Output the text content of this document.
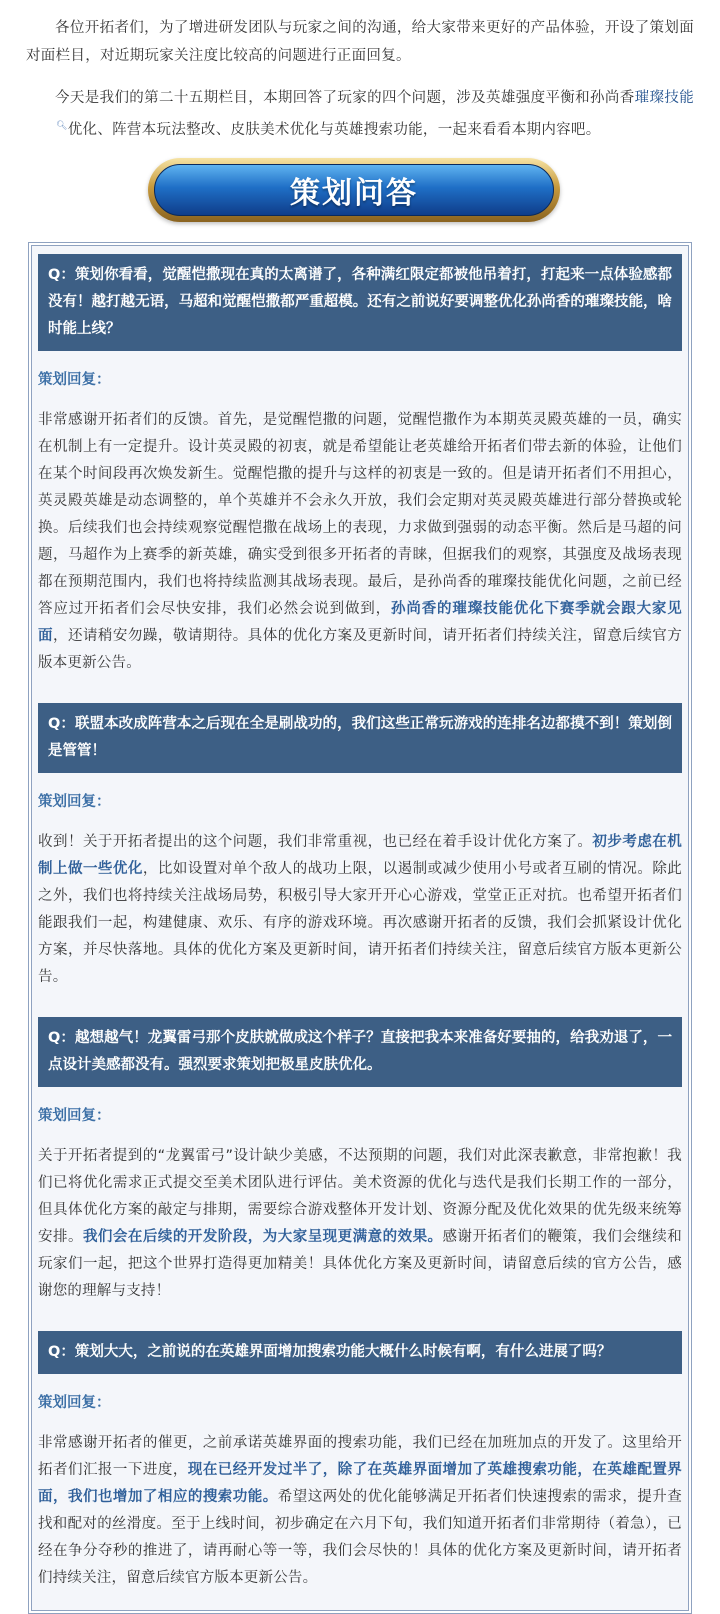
各位开拓者们，为了增进研发团队与玩家之间的沟通，给大家带来更好的产品体验，开设了策划面对面栏目，对近期玩家关注度比较高的问题进行正面回复。

今天是我们的第二十五期栏目，本期回答了玩家的四个问题，涉及英雄强度平衡和孙尚香璀璨技能🔍︎优化、阵营本玩法整改、皮肤美术优化与英雄搜索功能，一起来看看本期内容吧。

策划问答
Q：策划你看看，觉醒恺撒现在真的太离谱了，各种满红限定都被他吊着打，打起来一点体验感都没有！越打越无语，马超和觉醒恺撒都严重超模。还有之前说好要调整优化孙尚香的璀璨技能，啥时能上线？
策划回复：
非常感谢开拓者们的反馈。首先，是觉醒恺撒的问题，觉醒恺撒作为本期英灵殿英雄的一员，确实在机制上有一定提升。设计英灵殿的初衷，就是希望能让老英雄给开拓者们带去新的体验，让他们在某个时间段再次焕发新生。觉醒恺撒的提升与这样的初衷是一致的。但是请开拓者们不用担心，英灵殿英雄是动态调整的，单个英雄并不会永久开放，我们会定期对英灵殿英雄进行部分替换或轮换。后续我们也会持续观察觉醒恺撒在战场上的表现，力求做到强弱的动态平衡。然后是马超的问题，马超作为上赛季的新英雄，确实受到很多开拓者的青睐，但据我们的观察，其强度及战场表现都在预期范围内，我们也将持续监测其战场表现。最后，是孙尚香的璀璨技能优化问题，之前已经答应过开拓者们会尽快安排，我们必然会说到做到，孙尚香的璀璨技能优化下赛季就会跟大家见面，还请稍安勿躁，敬请期待。具体的优化方案及更新时间，请开拓者们持续关注，留意后续官方版本更新公告。
Q：联盟本改成阵营本之后现在全是刷战功的，我们这些正常玩游戏的连排名边都摸不到！策划倒是管管！
策划回复：
收到！关于开拓者提出的这个问题，我们非常重视，也已经在着手设计优化方案了。初步考虑在机制上做一些优化，比如设置对单个敌人的战功上限，以遏制或减少使用小号或者互刷的情况。除此之外，我们也将持续关注战场局势，积极引导大家开开心心游戏，堂堂正正对抗。也希望开拓者们能跟我们一起，构建健康、欢乐、有序的游戏环境。再次感谢开拓者的反馈，我们会抓紧设计优化方案，并尽快落地。具体的优化方案及更新时间，请开拓者们持续关注，留意后续官方版本更新公告。
Q：越想越气！龙翼雷弓那个皮肤就做成这个样子？直接把我本来准备好要抽的，给我劝退了，一点设计美感都没有。强烈要求策划把极星皮肤优化。
策划回复：
关于开拓者提到的“龙翼雷弓”设计缺少美感，不达预期的问题，我们对此深表歉意，非常抱歉！我们已将优化需求正式提交至美术团队进行评估。美术资源的优化与迭代是我们长期工作的一部分，但具体优化方案的敲定与排期，需要综合游戏整体开发计划、资源分配及优化效果的优先级来统筹安排。我们会在后续的开发阶段，为大家呈现更满意的效果。感谢开拓者们的鞭策，我们会继续和玩家们一起，把这个世界打造得更加精美！具体优化方案及更新时间，请留意后续的官方公告，感谢您的理解与支持！
Q：策划大大，之前说的在英雄界面增加搜索功能大概什么时候有啊，有什么进展了吗？
策划回复：
非常感谢开拓者的催更，之前承诺英雄界面的搜索功能，我们已经在加班加点的开发了。这里给开拓者们汇报一下进度，现在已经开发过半了，除了在英雄界面增加了英雄搜索功能，在英雄配置界面，我们也增加了相应的搜索功能。希望这两处的优化能够满足开拓者们快速搜索的需求，提升查找和配对的丝滑度。至于上线时间，初步确定在六月下旬，我们知道开拓者们非常期待（着急），已经在争分夺秒的推进了，请再耐心等一等，我们会尽快的！具体的优化方案及更新时间，请开拓者们持续关注，留意后续官方版本更新公告。
